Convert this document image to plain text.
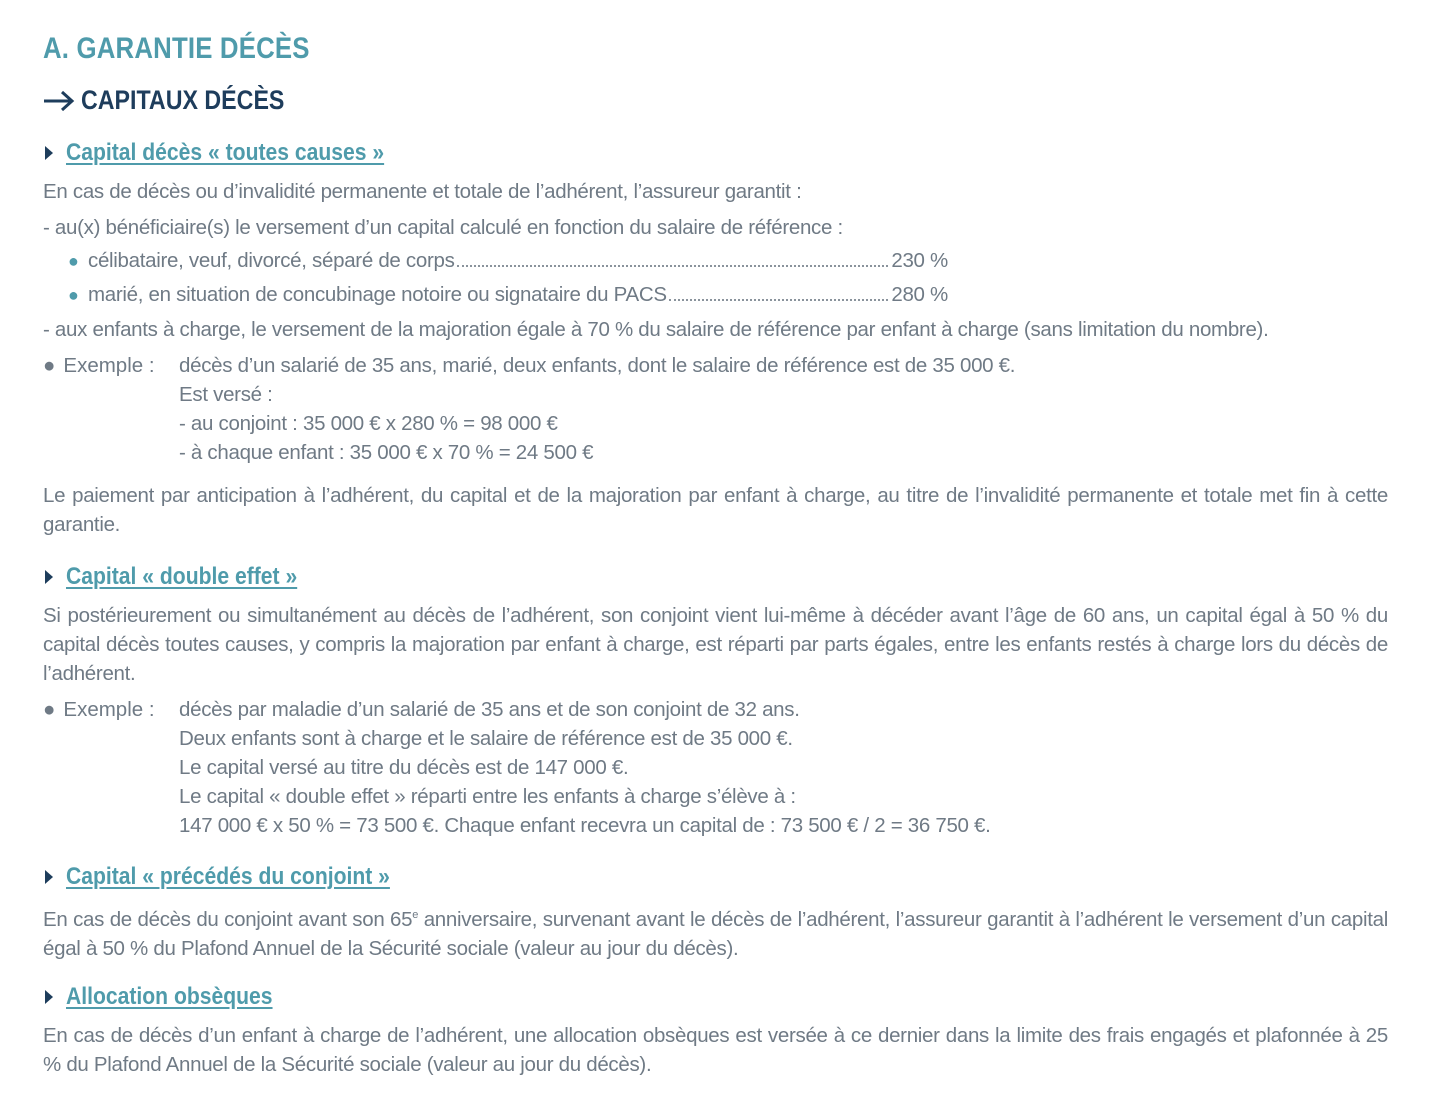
A. GARANTIE DÉCÈS
CAPITAUX DÉCÈS
Capital décès « toutes causes »
En cas de décès ou d’invalidité permanente et totale de l’adhérent, l’assureur garantit :
- au(x) bénéficiaire(s) le versement d’un capital calculé en fonction du salaire de référence :
● célibataire, veuf, divorcé, séparé de corps	230 %
● marié, en situation de concubinage notoire ou signataire du PACS	280 %
- aux enfants à charge, le versement de la majoration égale à 70 % du salaire de référence par enfant à charge (sans limitation du nombre).
● Exemple : décès d’un salarié de 35 ans, marié, deux enfants, dont le salaire de référence est de 35 000 €.
Est versé :
- au conjoint : 35 000 € x 280 % = 98 000 €
- à chaque enfant : 35 000 € x 70 % = 24 500 €
Le paiement par anticipation à l’adhérent, du capital et de la majoration par enfant à charge, au titre de l’invalidité permanente et totale met fin à cette garantie.
Capital « double effet »
Si postérieurement ou simultanément au décès de l’adhérent, son conjoint vient lui-même à décéder avant l’âge de 60 ans, un capital égal à 50 % du capital décès toutes causes, y compris la majoration par enfant à charge, est réparti par parts égales, entre les enfants restés à charge lors du décès de l’adhérent.
● Exemple : décès par maladie d’un salarié de 35 ans et de son conjoint de 32 ans.
Deux enfants sont à charge et le salaire de référence est de 35 000 €.
Le capital versé au titre du décès est de 147 000 €.
Le capital « double effet » réparti entre les enfants à charge s’élève à :
147 000 € x 50 % = 73 500 €. Chaque enfant recevra un capital de : 73 500 € / 2 = 36 750 €.
Capital « précédés du conjoint »
En cas de décès du conjoint avant son 65e anniversaire, survenant avant le décès de l’adhérent, l’assureur garantit à l’adhérent le versement d’un capital égal à 50 % du Plafond Annuel de la Sécurité sociale (valeur au jour du décès).
Allocation obsèques
En cas de décès d’un enfant à charge de l’adhérent, une allocation obsèques est versée à ce dernier dans la limite des frais engagés et plafonnée à 25 % du Plafond Annuel de la Sécurité sociale (valeur au jour du décès).
